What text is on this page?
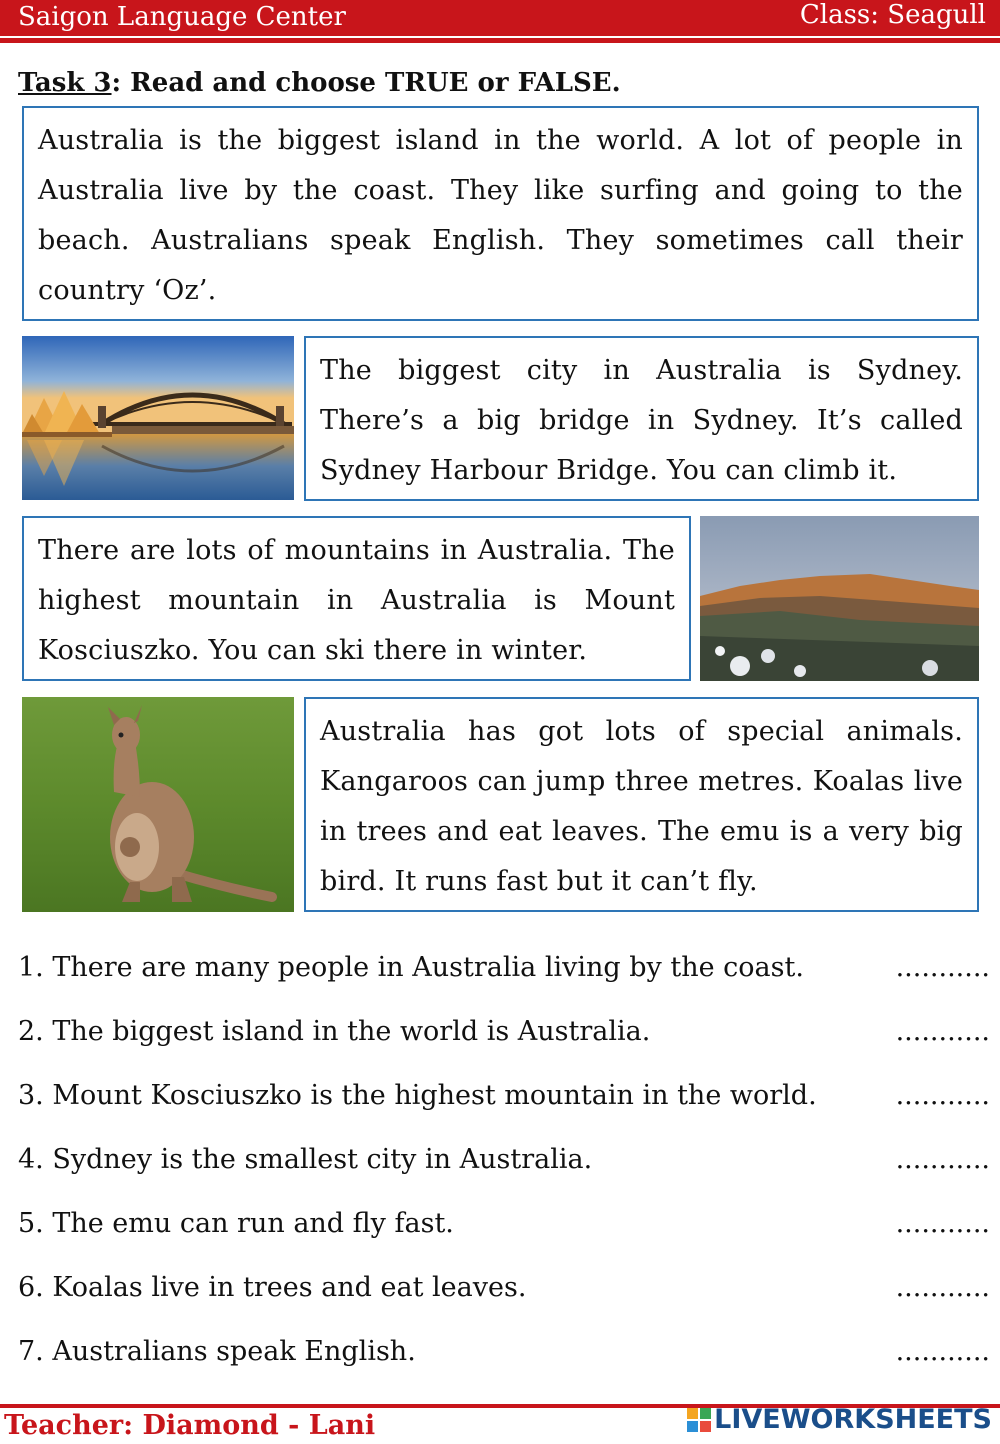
Saigon Language Center	Class: Seagull
Task 3: Read and choose TRUE or FALSE.

Australia is the biggest island in the world. A lot of people in Australia live by the coast. They like surfing and going to the beach. Australians speak English. They sometimes call their country ‘Oz’.

The biggest city in Australia is Sydney. There’s a big bridge in Sydney. It’s called Sydney Harbour Bridge. You can climb it.

There are lots of mountains in Australia. The highest mountain in Australia is Mount Kosciuszko. You can ski there in winter.

Australia has got lots of special animals. Kangaroos can jump three metres. Koalas live in trees and eat leaves. The emu is a very big bird. It runs fast but it can’t fly.

1. There are many people in Australia living by the coast.	...........
2. The biggest island in the world is Australia.	...........
3. Mount Kosciuszko is the highest mountain in the world.	...........
4. Sydney is the smallest city in Australia.	...........
5. The emu can run and fly fast.	...........
6. Koalas live in trees and eat leaves.	...........
7. Australians speak English.	...........
Teacher: Diamond - Lani	LIVEWORKSHEETS
